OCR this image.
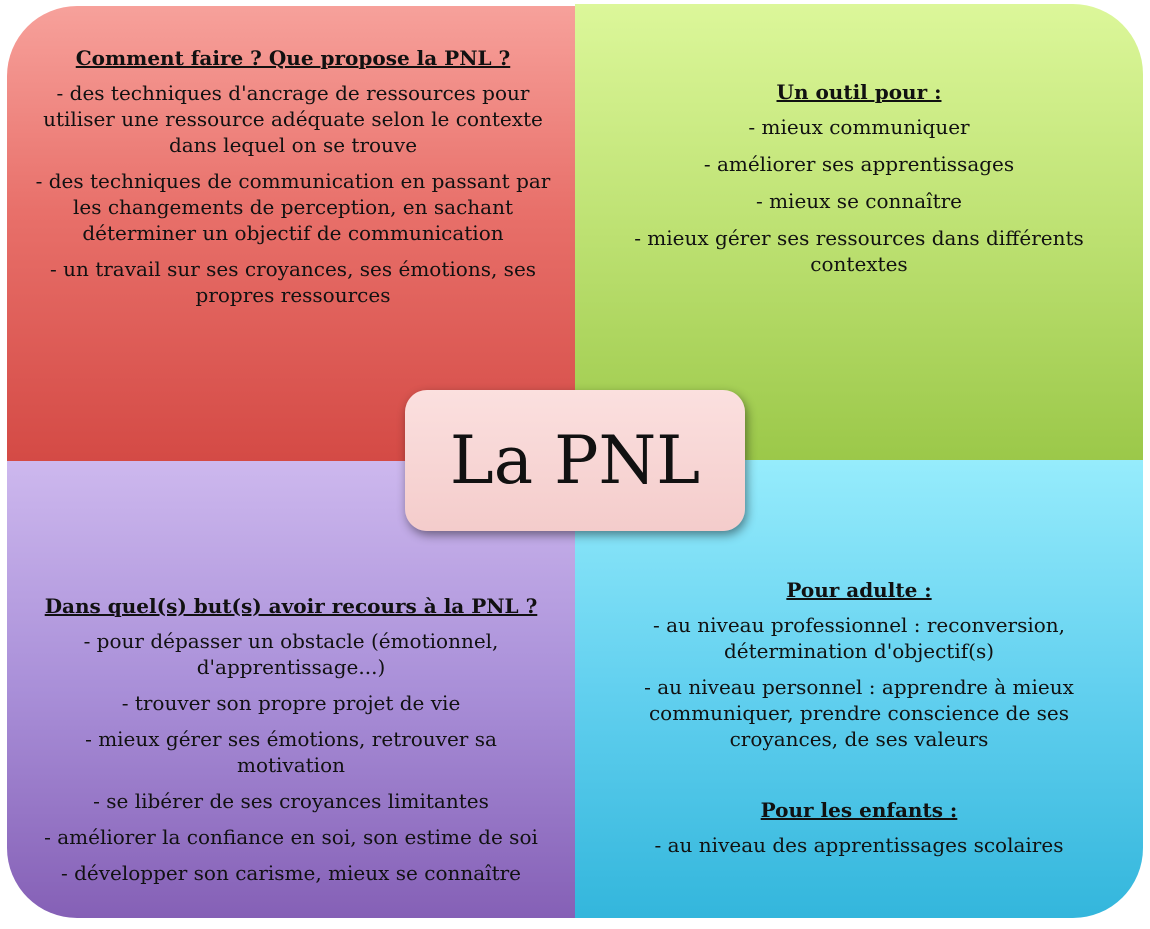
Comment faire ? Que propose la PNL ?
- des techniques d'ancrage de ressources pour utiliser une ressource adéquate selon le contexte dans lequel on se trouve
- des techniques de communication en passant par les changements de perception, en sachant déterminer un objectif de communication
- un travail sur ses croyances, ses émotions, ses propres ressources
Un outil pour :
- mieux communiquer
- améliorer ses apprentissages
- mieux se connaître
- mieux gérer ses ressources dans différents contextes
Dans quel(s) but(s) avoir recours à la PNL ?
- pour dépasser un obstacle (émotionnel, d'apprentissage...)
- trouver son propre projet de vie
- mieux gérer ses émotions, retrouver sa motivation
- se libérer de ses croyances limitantes
- améliorer la confiance en soi, son estime de soi
- développer son carisme, mieux se connaître
Pour adulte :
- au niveau professionnel : reconversion, détermination d'objectif(s)
- au niveau personnel : apprendre à mieux communiquer, prendre conscience de ses croyances, de ses valeurs
Pour les enfants :
- au niveau des apprentissages scolaires
La PNL
